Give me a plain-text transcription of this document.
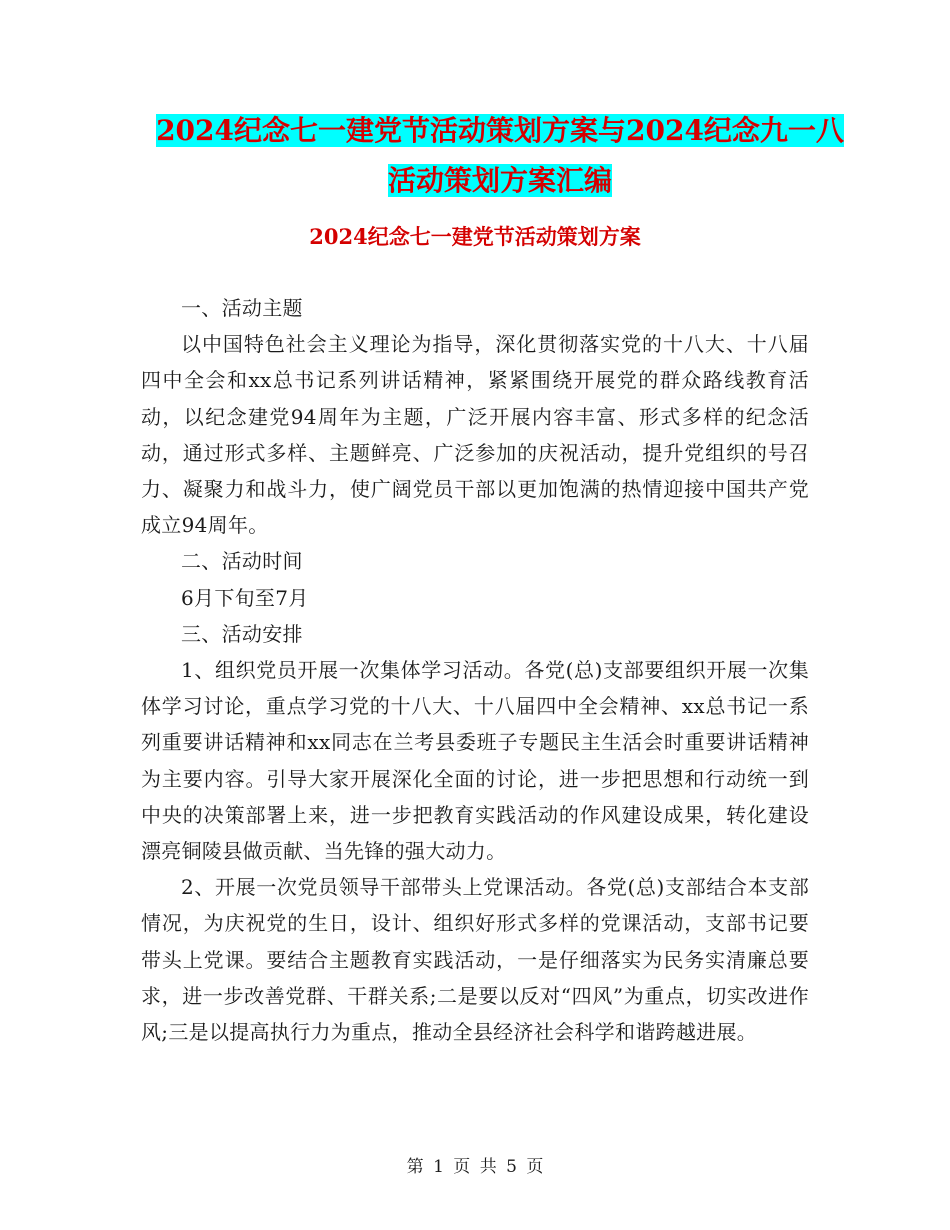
2024纪念七一建党节活动策划方案与2024纪念九一八
活动策划方案汇编
2024纪念七一建党节活动策划方案

一、活动主题

以中国特色社会主义理论为指导，深化贯彻落实党的十八大、十八届四中全会和xx总书记系列讲话精神，紧紧围绕开展党的群众路线教育活动，以纪念建党94周年为主题，广泛开展内容丰富、形式多样的纪念活动，通过形式多样、主题鲜亮、广泛参加的庆祝活动，提升党组织的号召力、凝聚力和战斗力，使广阔党员干部以更加饱满的热情迎接中国共产党成立94周年。

二、活动时间

6月下旬至7月

三、活动安排

1、组织党员开展一次集体学习活动。各党(总)支部要组织开展一次集体学习讨论，重点学习党的十八大、十八届四中全会精神、xx总书记一系列重要讲话精神和xx同志在兰考县委班子专题民主生活会时重要讲话精神为主要内容。引导大家开展深化全面的讨论，进一步把思想和行动统一到中央的决策部署上来，进一步把教育实践活动的作风建设成果，转化建设漂亮铜陵县做贡献、当先锋的强大动力。

2、开展一次党员领导干部带头上党课活动。各党(总)支部结合本支部情况，为庆祝党的生日，设计、组织好形式多样的党课活动，支部书记要带头上党课。要结合主题教育实践活动，一是仔细落实为民务实清廉总要求，进一步改善党群、干群关系;二是要以反对“四风”为重点，切实改进作风;三是以提高执行力为重点，推动全县经济社会科学和谐跨越进展。

第 1 页 共 5 页
